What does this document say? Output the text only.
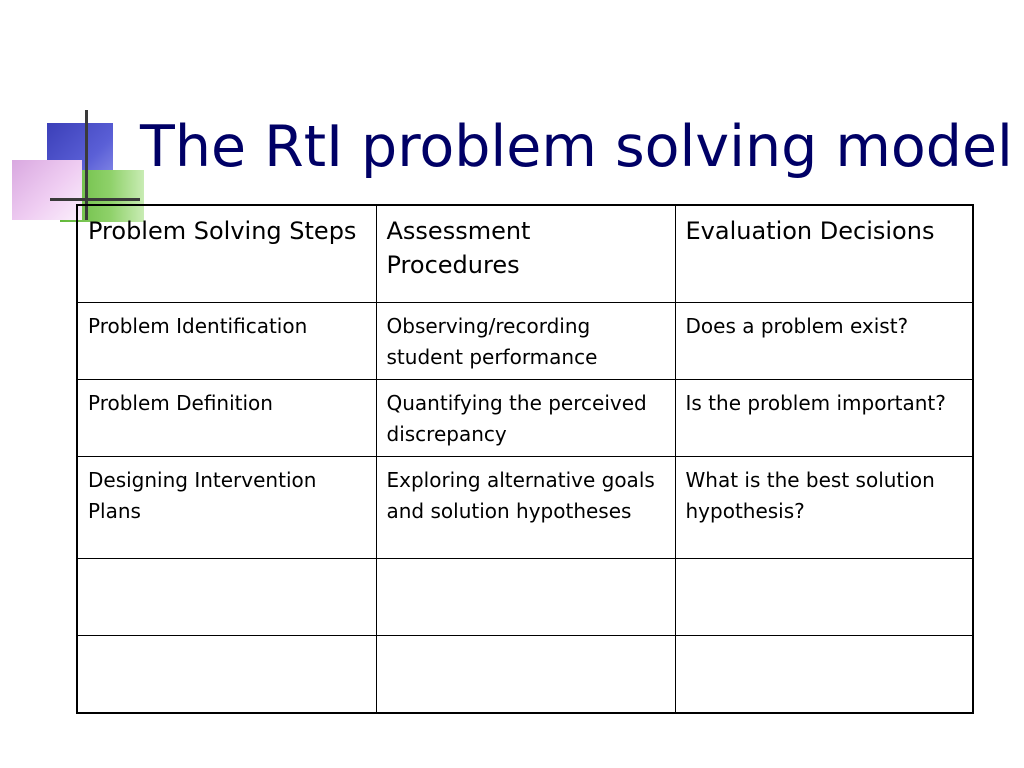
The RtI problem solving model
Problem Solving Steps	Assessment Procedures	Evaluation Decisions
Problem Identification	Observing/recording student performance	Does a problem exist?
Problem Definition	Quantifying the perceived discrepancy	Is the problem important?
Designing Intervention Plans	Exploring alternative goals and solution hypotheses	What is the best solution hypothesis?
